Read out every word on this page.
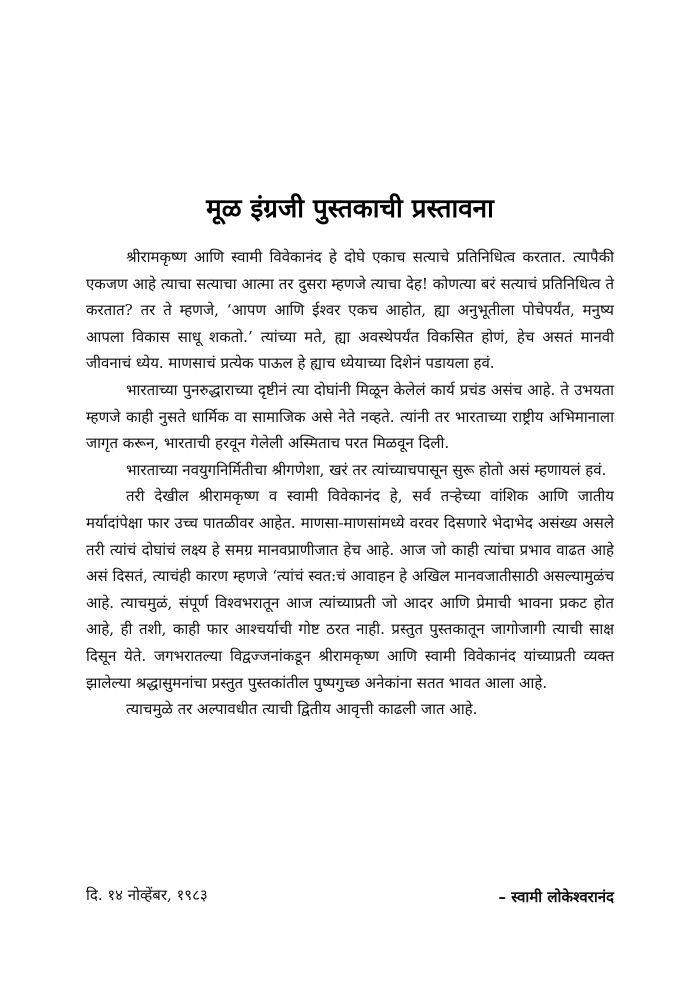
मूळ इंग्रजी पुस्तकाची प्रस्तावना

श्रीरामकृष्ण आणि स्वामी विवेकानंद हे दोघे एकाच सत्याचे प्रतिनिधित्व करतात. त्यापैकी एकजण आहे त्याचा सत्याचा आत्मा तर दुसरा म्हणजे त्याचा देह! कोणत्या बरं सत्याचं प्रतिनिधित्व ते करतात? तर ते म्हणजे, ‘आपण आणि ईश्वर एकच आहोत, ह्या अनुभूतीला पोचेपर्यंत, मनुष्य आपला विकास साधू शकतो.’ त्यांच्या मते, ह्या अवस्थेपर्यंत विकसित होणं, हेच असतं मानवी जीवनाचं ध्येय. माणसाचं प्रत्येक पाऊल हे ह्याच ध्येयाच्या दिशेनं पडायला हवं.

भारताच्या पुनरुद्धाराच्या दृष्टीनं त्या दोघांनी मिळून केलेलं कार्य प्रचंड असंच आहे. ते उभयता म्हणजे काही नुसते धार्मिक वा सामाजिक असे नेते नव्हते. त्यांनी तर भारताच्या राष्ट्रीय अभिमानाला जागृत करून, भारताची हरवून गेलेली अस्मिताच परत मिळवून दिली.

भारताच्या नवयुगनिर्मितीचा श्रीगणेशा, खरं तर त्यांच्याचपासून सुरू होतो असं म्हणायलं हवं.

तरी देखील श्रीरामकृष्ण व स्वामी विवेकानंद हे, सर्व तऱ्हेच्या वांशिक आणि जातीय मर्यादांपेक्षा फार उच्च पातळीवर आहेत. माणसा-माणसांमध्ये वरवर दिसणारे भेदाभेद असंख्य असले तरी त्यांचं दोघांचं लक्ष्य हे समग्र मानवप्राणीजात हेच आहे. आज जो काही त्यांचा प्रभाव वाढत आहे असं दिसतं, त्याचंही कारण म्हणजे ‘त्यांचं स्वत:चं आवाहन हे अखिल मानवजातीसाठी असल्यामुळंच आहे. त्याचमुळं, संपूर्ण विश्वभरातून आज त्यांच्याप्रती जो आदर आणि प्रेमाची भावना प्रकट होत आहे, ही तशी, काही फार आश्चर्याची गोष्ट ठरत नाही. प्रस्तुत पुस्तकातून जागोजागी त्याची साक्ष दिसून येते. जगभरातल्या विद्वज्जनांकडून श्रीरामकृष्ण आणि स्वामी विवेकानंद यांच्याप्रती व्यक्त झालेल्या श्रद्धासुमनांचा प्रस्तुत पुस्तकांतील पुष्पगुच्छ अनेकांना सतत भावत आला आहे.

त्याचमुळे तर अल्पावधीत त्याची द्वितीय आवृत्ती काढली जात आहे.

दि. १४ नोव्हेंबर, १९८३	– स्वामी लोकेश्वरानंद
